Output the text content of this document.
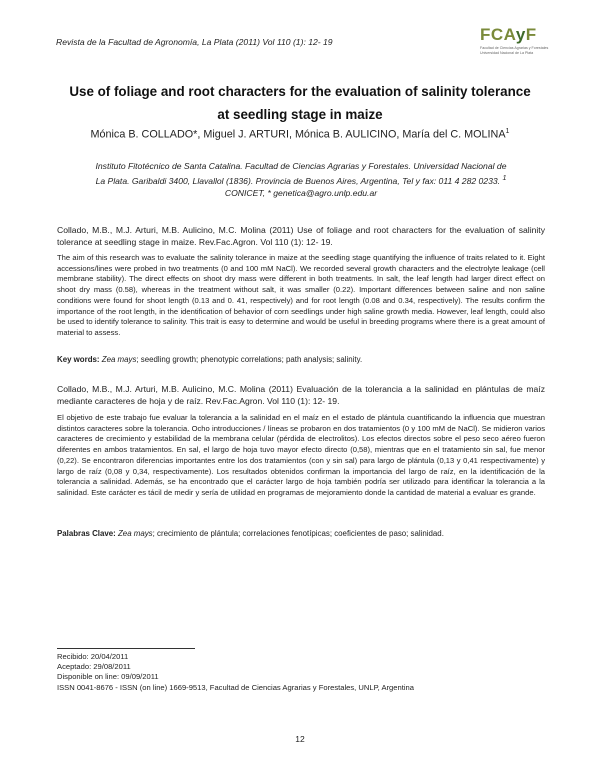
Revista de la Facultad de Agronomía, La Plata (2011) Vol 110 (1): 12- 19	FCAyF
Facultad de Ciencias Agrarias y Forestales Universidad Nacional de La Plata
Use of foliage and root characters for the evaluation of salinity tolerance
at seedling stage in maize
Mónica B. COLLADO*, Miguel J. ARTURI, Mónica B. AULICINO, María del C. MOLINA$^1$
Instituto Fitotécnico de Santa Catalina. Facultad de Ciencias Agrarias y Forestales. Universidad Nacional de
La Plata. Garibaldi 3400, Llavallol (1836). Provincia de Buenos Aires, Argentina, Tel y fax: 011 4 282 0233. $^1$
CONICET, * genetica@agro.unlp.edu.ar
Collado, M.B., M.J. Arturi, M.B. Aulicino, M.C. Molina (2011) Use of foliage and root characters for the evaluation of salinity tolerance at seedling stage in maize. Rev.Fac.Agron. Vol 110 (1): 12- 19.
The aim of this research was to evaluate the salinity tolerance in maize at the seedling stage quantifying the influence of traits related to it. Eight accessions/lines were probed in two treatments (0 and 100 mM NaCl). We recorded several growth characters and the electrolyte leakage (cell membrane stability). The direct effects on shoot dry mass were different in both treatments. In salt, the leaf length had larger direct effect on shoot dry mass (0.58), whereas in the treatment without salt, it was smaller (0.22). Important differences between saline and non saline conditions were found for shoot length (0.13 and 0. 41, respectively) and for root length (0.08 and 0.34, respectively). The results confirm the importance of the root length, in the identification of behavior of corn seedlings under high saline growth media. However, leaf length, could also be used to identify tolerance to salinity. This trait is easy to determine and would be useful in breeding programs where there is a great amount of material to assess.
Key words: Zea mays; seedling growth; phenotypic correlations; path analysis; salinity.
Collado, M.B., M.J. Arturi, M.B. Aulicino, M.C. Molina (2011) Evaluación de la tolerancia a la salinidad en plántulas de maíz mediante caracteres de hoja y de raíz. Rev.Fac.Agron. Vol 110 (1): 12- 19.
El objetivo de este trabajo fue evaluar la tolerancia a la salinidad en el maíz en el estado de plántula cuantificando la influencia que muestran distintos caracteres sobre la tolerancia. Ocho introducciones / líneas se probaron en dos tratamientos (0 y 100 mM de NaCl). Se midieron varios caracteres de crecimiento y estabilidad de la membrana celular (pérdida de electrolitos). Los efectos directos sobre el peso seco aéreo fueron diferentes en ambos tratamientos. En sal, el largo de hoja tuvo mayor efecto directo (0,58), mientras que en el tratamiento sin sal, fue menor (0,22). Se encontraron diferencias importantes entre los dos tratamientos (con y sin sal) para largo de plántula (0,13 y 0,41 respectivamente) y largo de raíz (0,08 y 0,34, respectivamente). Los resultados obtenidos confirman la importancia del largo de raíz, en la identificación de la tolerancia a salinidad. Además, se ha encontrado que el carácter largo de hoja también podría ser utilizado para identificar la tolerancia a la salinidad. Este carácter es tácil de medir y sería de utilidad en programas de mejoramiento donde la cantidad de material a evaluar es grande.
Palabras Clave: Zea mays; crecimiento de plántula; correlaciones fenotípicas; coeficientes de paso; salinidad.
Recibido: 20/04/2011
Aceptado: 29/08/2011
Disponible on line: 09/09/2011
ISSN 0041-8676 - ISSN (on line) 1669-9513, Facultad de Ciencias Agrarias y Forestales, UNLP, Argentina
12
